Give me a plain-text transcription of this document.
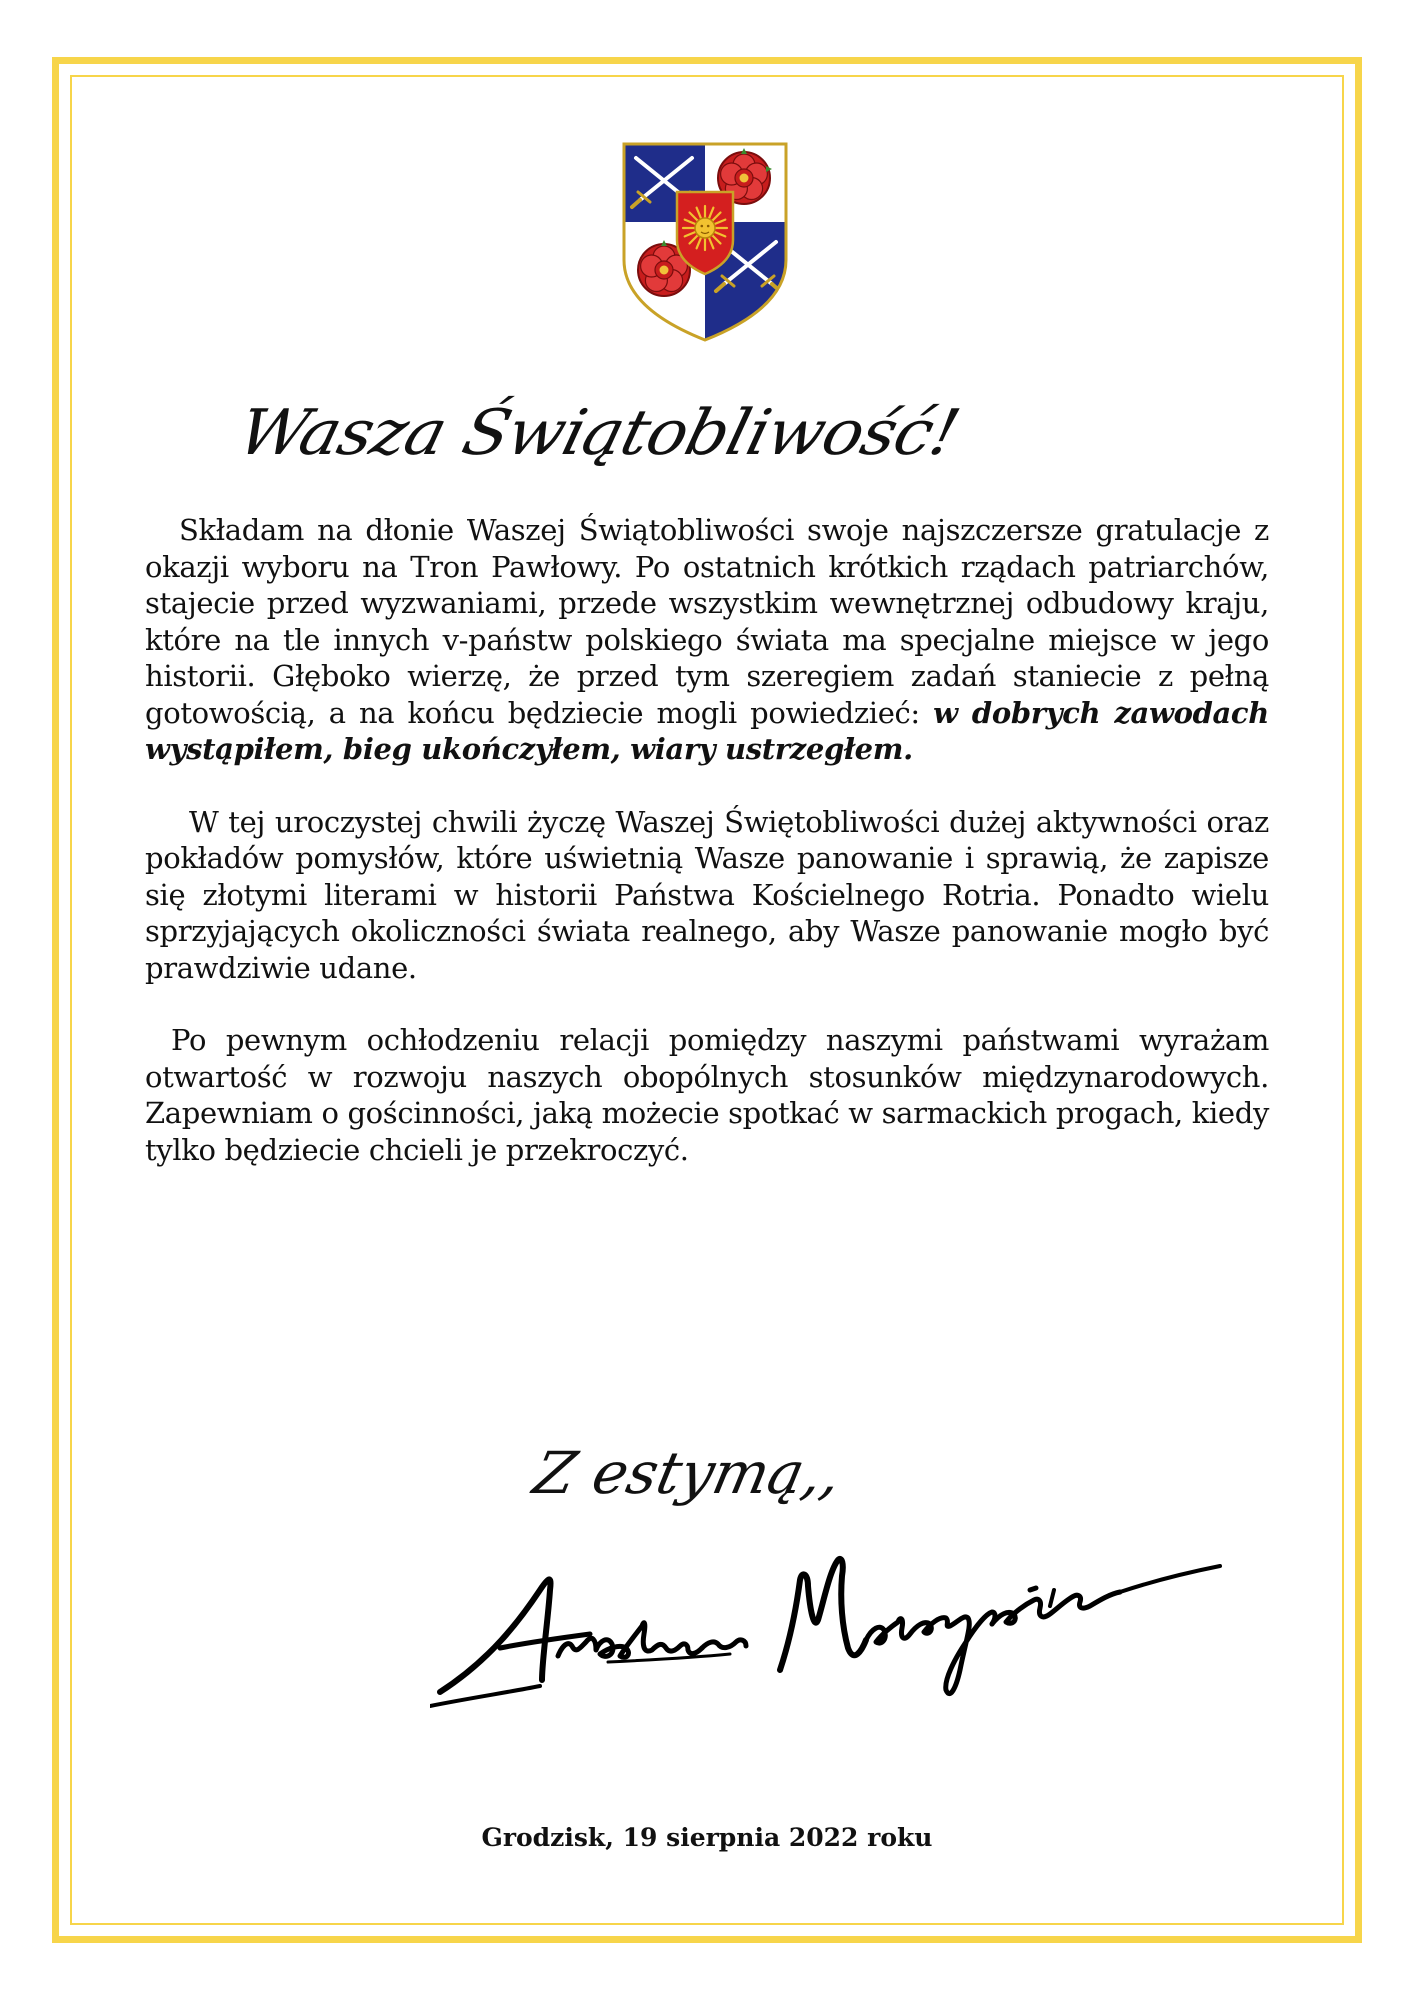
Wasza Świątobliwość!

Składam na dłonie Waszej Świątobliwości swoje najszczersze gratulacje z okazji wyboru na Tron Pawłowy. Po ostatnich krótkich rządach patriarchów, stajecie przed wyzwaniami, przede wszystkim wewnętrznej odbudowy kraju, które na tle innych v-państw polskiego świata ma specjalne miejsce w jego historii. Głęboko wierzę, że przed tym szeregiem zadań staniecie z pełną gotowością, a na końcu będziecie mogli powiedzieć: w dobrych zawodach wystąpiłem, bieg ukończyłem, wiary ustrzegłem.

W tej uroczystej chwili życzę Waszej Świętobliwości dużej aktywności oraz pokładów pomysłów, które uświetnią Wasze panowanie i sprawią, że zapisze się złotymi literami w historii Państwa Kościelnego Rotria. Ponadto wielu sprzyjających okoliczności świata realnego, aby Wasze panowanie mogło być prawdziwie udane.

Po pewnym ochłodzeniu relacji pomiędzy naszymi państwami wyrażam otwartość w rozwoju naszych obopólnych stosunków międzynarodowych. Zapewniam o gościnności, jaką możecie spotkać w sarmackich progach, kiedy tylko będziecie chcieli je przekroczyć.

Z estymą,,
Grodzisk, 19 sierpnia 2022 roku
